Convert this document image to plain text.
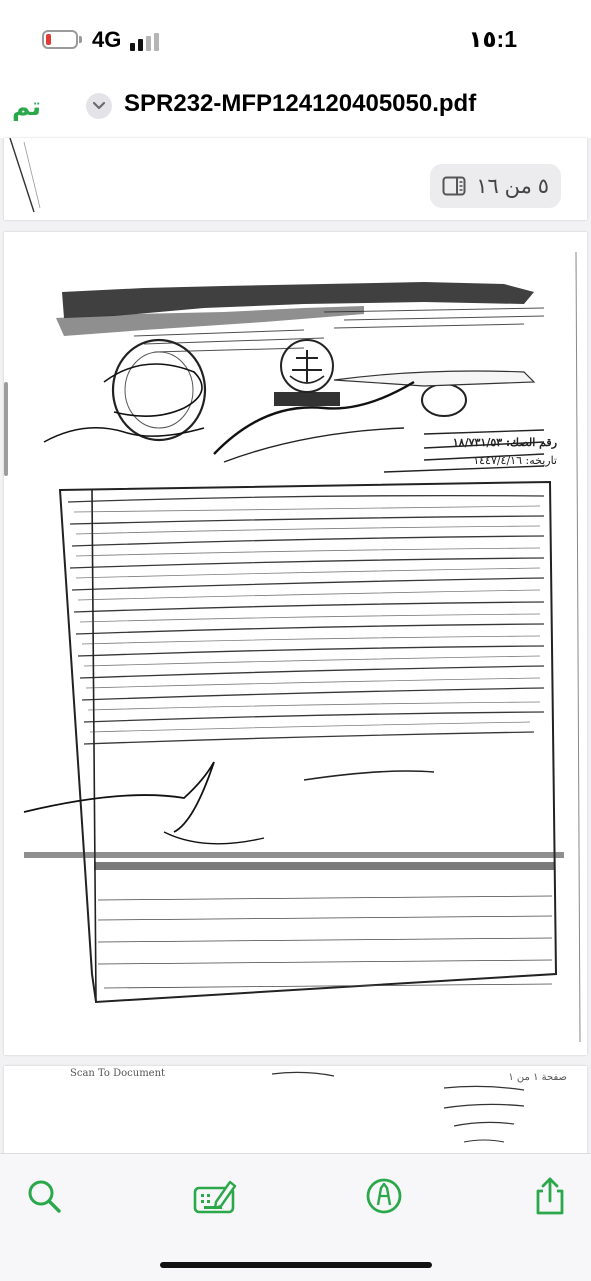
4G	1:١٥
تم	SPR232-MFP124120405050.pdf
٥ من ١٦
رقم الصك: ١٨/٧٣١/٥٣
تاريخه: ١٤٤٧/٤/١٦
Scan To Document	صفحة ١ من ١
